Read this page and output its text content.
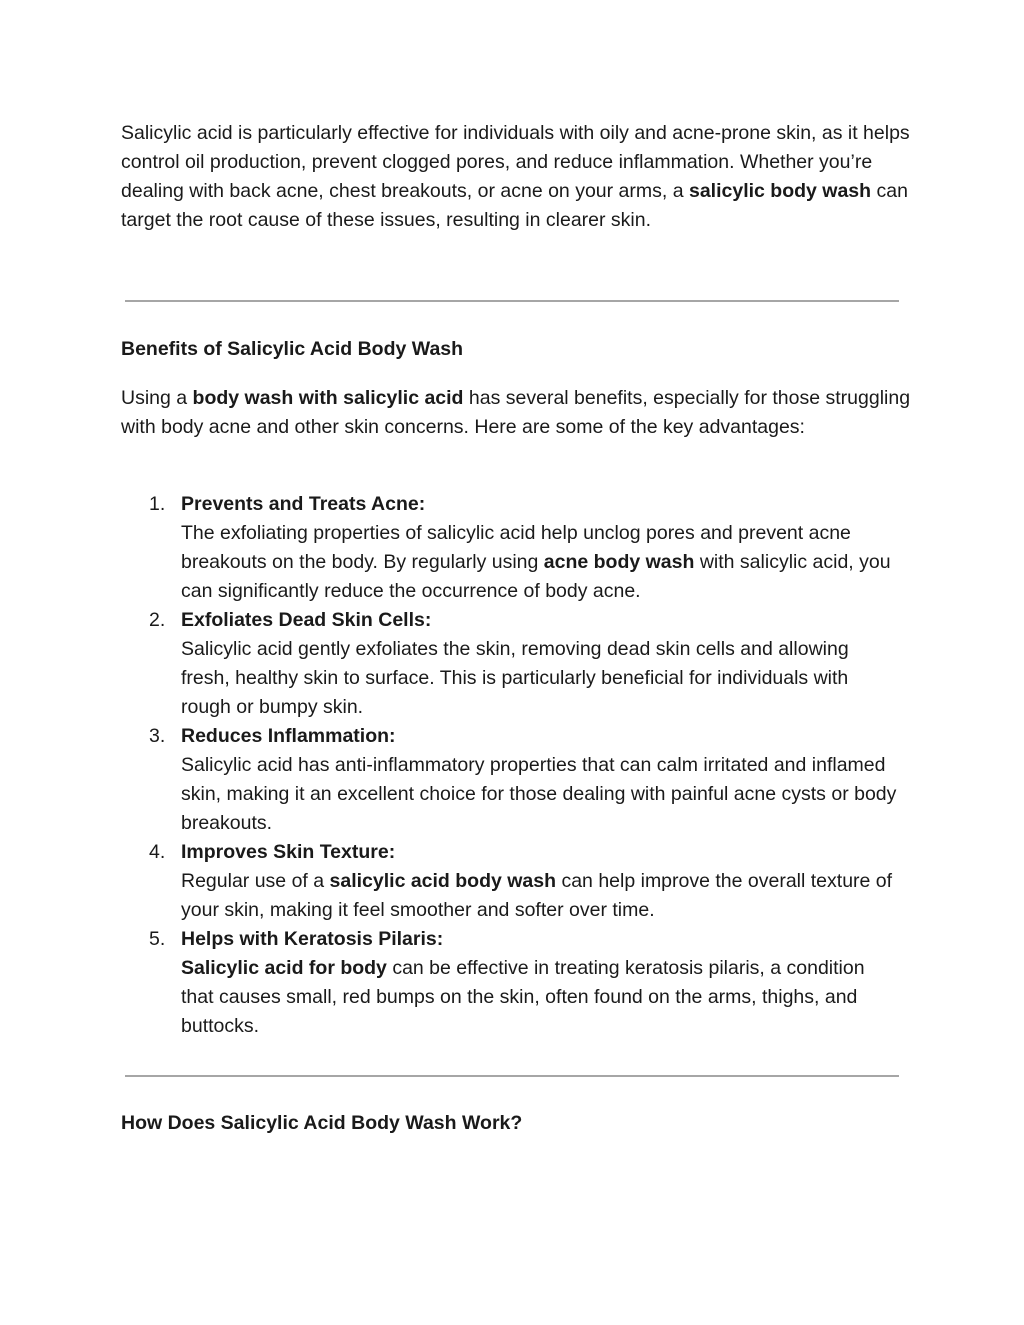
Salicylic acid is particularly effective for individuals with oily and acne-prone skin, as it helps control oil production, prevent clogged pores, and reduce inflammation. Whether you’re dealing with back acne, chest breakouts, or acne on your arms, a salicylic body wash can target the root cause of these issues, resulting in clearer skin.

Benefits of Salicylic Acid Body Wash

Using a body wash with salicylic acid has several benefits, especially for those struggling with body acne and other skin concerns. Here are some of the key advantages:

1. Prevents and Treats Acne:
The exfoliating properties of salicylic acid help unclog pores and prevent acne breakouts on the body. By regularly using acne body wash with salicylic acid, you can significantly reduce the occurrence of body acne.
2. Exfoliates Dead Skin Cells:
Salicylic acid gently exfoliates the skin, removing dead skin cells and allowing fresh, healthy skin to surface. This is particularly beneficial for individuals with rough or bumpy skin.
3. Reduces Inflammation:
Salicylic acid has anti-inflammatory properties that can calm irritated and inflamed skin, making it an excellent choice for those dealing with painful acne cysts or body breakouts.
4. Improves Skin Texture:
Regular use of a salicylic acid body wash can help improve the overall texture of your skin, making it feel smoother and softer over time.
5. Helps with Keratosis Pilaris:
Salicylic acid for body can be effective in treating keratosis pilaris, a condition that causes small, red bumps on the skin, often found on the arms, thighs, and buttocks.
How Does Salicylic Acid Body Wash Work?
